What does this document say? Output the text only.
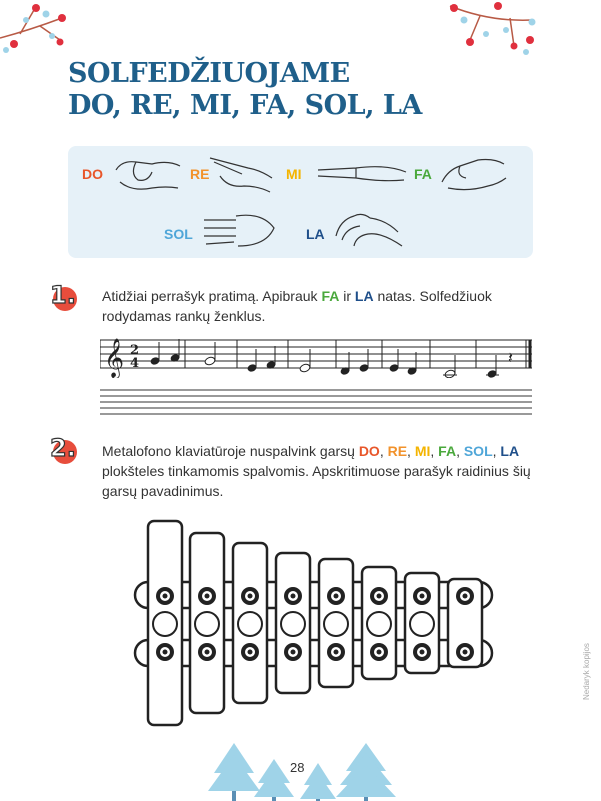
SOLFEDŽIUOJAME
DO, RE, MI, FA, SOL, LA
DO	RE	MI	FA
SOL	LA
1. Atidžiai perrašyk pratimą. Apibrauk FA ir LA natas. Solfedžiuok rodydamas rankų ženklus.
𝄞 2
4	𝄽
2. Metalofono klaviatūroje nuspalvink garsų DO, RE, MI, FA, SOL, LA plokšteles tinkamomis spalvomis. Apskritimuose parašyk raidinius šių garsų pavadinimus.
28
Nedaryk kopijos
